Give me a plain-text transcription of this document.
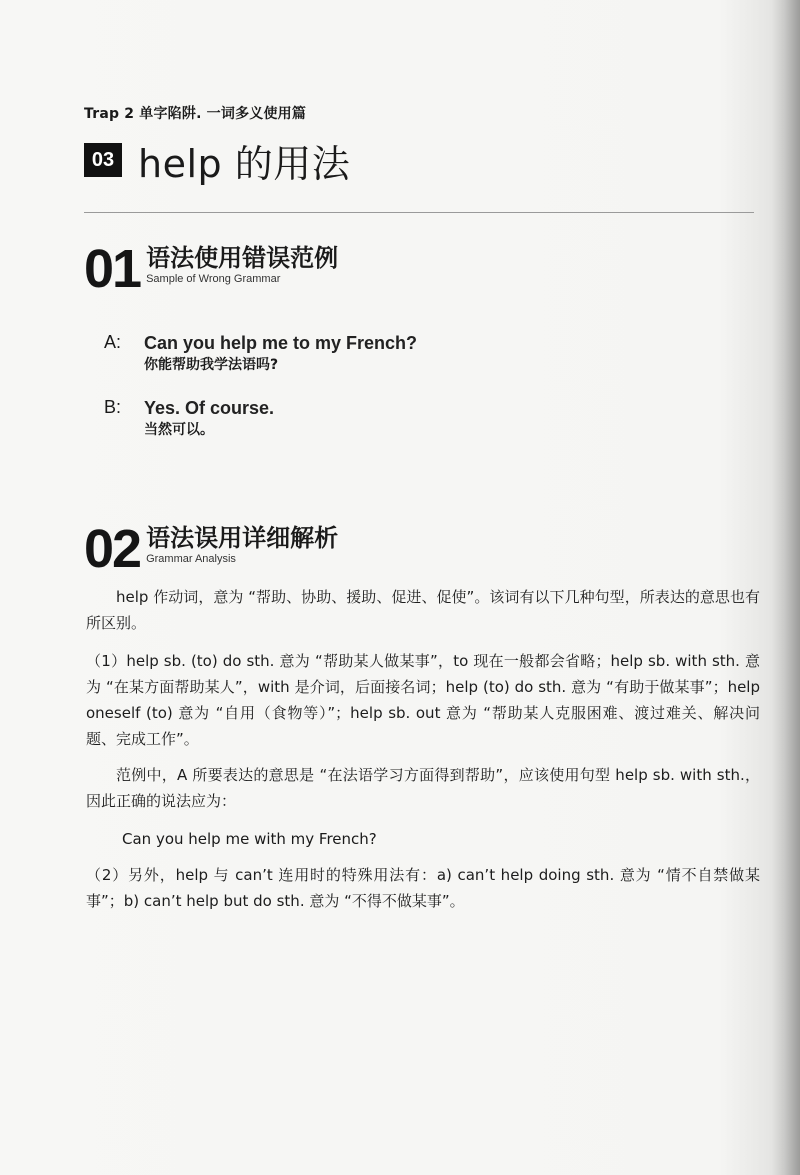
Trap 2 单字陷阱. 一词多义使用篇
03 help 的用法
01 语法使用错误范例
Sample of Wrong Grammar
A:	Can you help me to my French?
你能帮助我学法语吗?
B:	Yes. Of course.
当然可以。
02 语法误用详细解析
Grammar Analysis
help 作动词，意为 “帮助、协助、援助、促进、促使”。该词有以下几种句型，所表达的意思也有所区别。
（1）help sb. (to) do sth. 意为 “帮助某人做某事”，to 现在一般都会省略；help sb. with sth. 意为 “在某方面帮助某人”，with 是介词，后面接名词；help (to) do sth. 意为 “有助于做某事”；help oneself (to) 意为 “自用（食物等）”；help sb. out 意为 “帮助某人克服困难、渡过难关、解决问题、完成工作”。
范例中，A 所要表达的意思是 “在法语学习方面得到帮助”，应该使用句型 help sb. with sth.，因此正确的说法应为：
Can you help me with my French?
（2）另外，help 与 can’t 连用时的特殊用法有：a) can’t help doing sth. 意为 “情不自禁做某事”；b) can’t help but do sth. 意为 “不得不做某事”。
